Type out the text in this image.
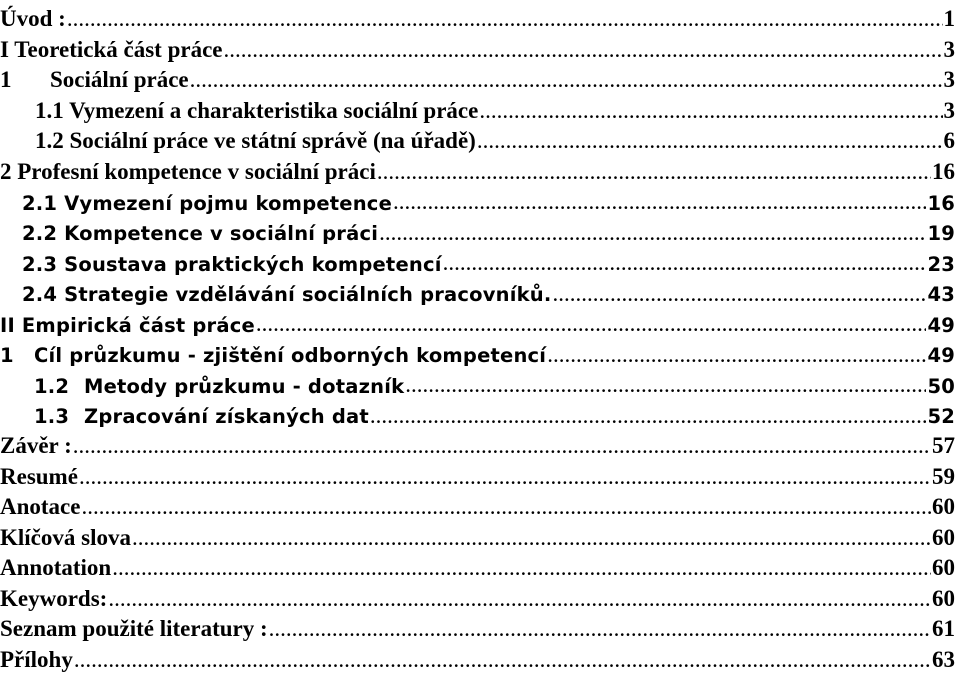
Úvod : .....	1
I Teoretická část práce .....	3
1 Sociální práce .....	3
1.1 Vymezení a charakteristika sociální práce .....	3
1.2 Sociální práce ve státní správě (na úřadě) .....	6
2 Profesní kompetence v sociální práci .....	16
2.1 Vymezení pojmu kompetence .....	16
2.2 Kompetence v sociální práci .....	19
2.3 Soustava praktických kompetencí .....	23
2.4 Strategie vzdělávání sociálních pracovníků. .....	43
II Empirická část práce .....	49
1 Cíl průzkumu - zjištění odborných kompetencí .....	49
1.2 Metody průzkumu - dotazník .....	50
1.3 Zpracování získaných dat .....	52
Závěr : .....	57
Resumé .....	59
Anotace .....	60
Klíčová slova .....	60
Annotation .....	60
Keywords: .....	60
Seznam použité literatury : .....	61
Přílohy .....	63
